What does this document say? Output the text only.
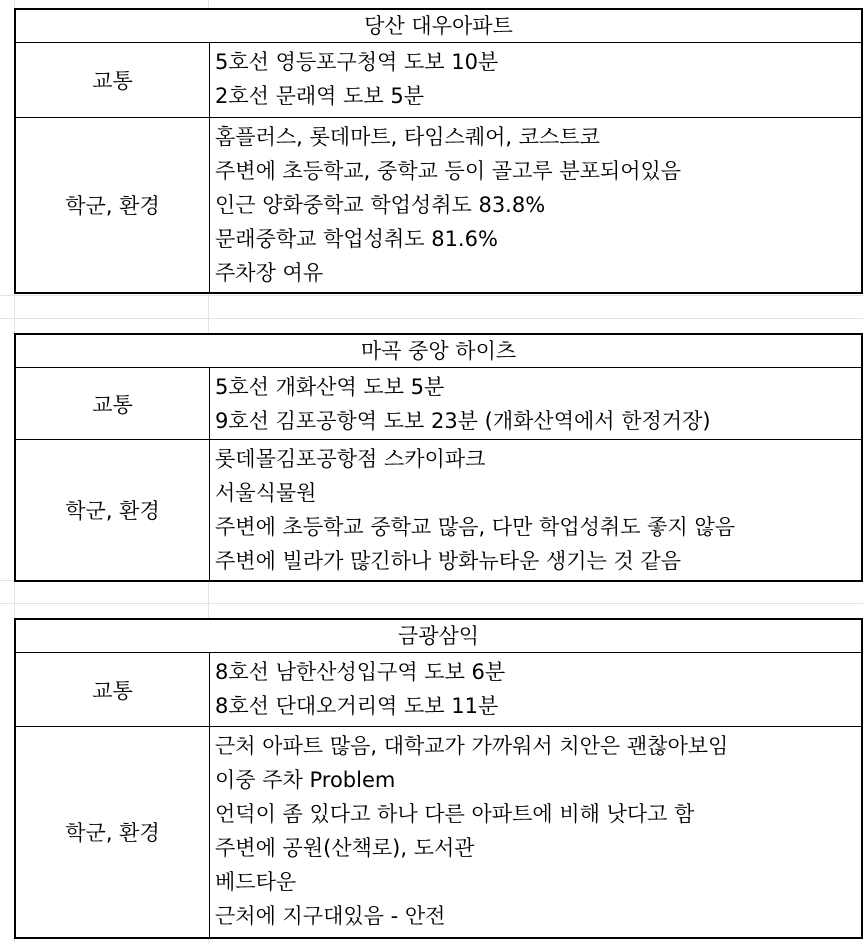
당산 대우아파트
교통
5호선 영등포구청역 도보 10분
2호선 문래역 도보 5분
학군, 환경
홈플러스, 롯데마트, 타임스퀘어, 코스트코
주변에 초등학교, 중학교 등이 골고루 분포되어있음
인근 양화중학교 학업성취도 83.8%
문래중학교 학업성취도 81.6%
주차장 여유
마곡 중앙 하이츠
교통
5호선 개화산역 도보 5분
9호선 김포공항역 도보 23분 (개화산역에서 한정거장)
학군, 환경
롯데몰김포공항점 스카이파크
서울식물원
주변에 초등학교 중학교 많음, 다만 학업성취도 좋지 않음
주변에 빌라가 많긴하나 방화뉴타운 생기는 것 같음
금광삼익
교통
8호선 남한산성입구역 도보 6분
8호선 단대오거리역 도보 11분
학군, 환경
근처 아파트 많음, 대학교가 가까워서 치안은 괜찮아보임
이중 주차 Problem
언덕이 좀 있다고 하나 다른 아파트에 비해 낫다고 함
주변에 공원(산책로), 도서관
베드타운
근처에 지구대있음 - 안전
